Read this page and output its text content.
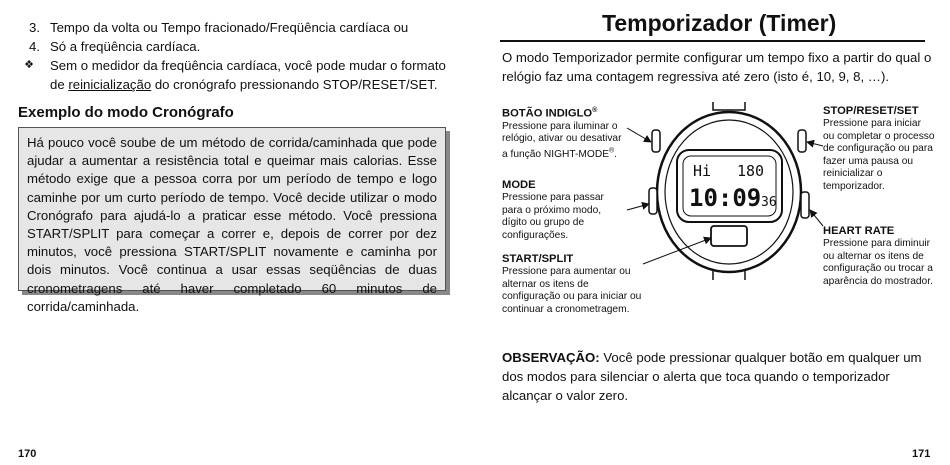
3. Tempo da volta ou Tempo fracionado/Freqüência cardíaca ou
4. Só a freqüência cardíaca.
❖	Sem o medidor da freqüência cardíaca, você pode mudar o formato de reinicialização do cronógrafo pressionando STOP/RESET/SET.
Exemplo do modo Cronógrafo
Há pouco você soube de um método de corrida/caminhada que pode ajudar a aumentar a resistência total e queimar mais calorias. Esse método exige que a pessoa corra por um período de tempo e logo caminhe por um curto período de tempo. Você decide utilizar o modo Cronógrafo para ajudá-lo a praticar esse método. Você pressiona START/SPLIT para começar a correr e, depois de correr por dez minutos, você pressiona START/SPLIT novamente e caminha por dois minutos. Você continua a usar essas seqüências de duas cronometragens até haver completado 60 minutos de corrida/caminhada.
170
Temporizador (Timer)
O modo Temporizador permite configurar um tempo fixo a partir do qual o relógio faz uma contagem regressiva até zero (isto é, 10, 9, 8, …).
BOTÃO INDIGLO®
Pressione para iluminar o relógio, ativar ou desativar a função NIGHT-MODE®.
MODE
Pressione para passar para o próximo modo, dígito ou grupo de configurações.
START/SPLIT
Pressione para aumentar ou alternar os itens de configuração ou para iniciar ou continuar a cronometragem.
STOP/RESET/SET
Pressione para iniciar ou completar o processo de configuração ou para fazer uma pausa ou reinicializar o temporizador.
HEART RATE
Pressione para diminuir ou alternar os itens de configuração ou trocar a aparência do mostrador.
Hi 180
10:09 36
OBSERVAÇÃO: Você pode pressionar qualquer botão em qualquer um dos modos para silenciar o alerta que toca quando o temporizador alcançar o valor zero.
171
